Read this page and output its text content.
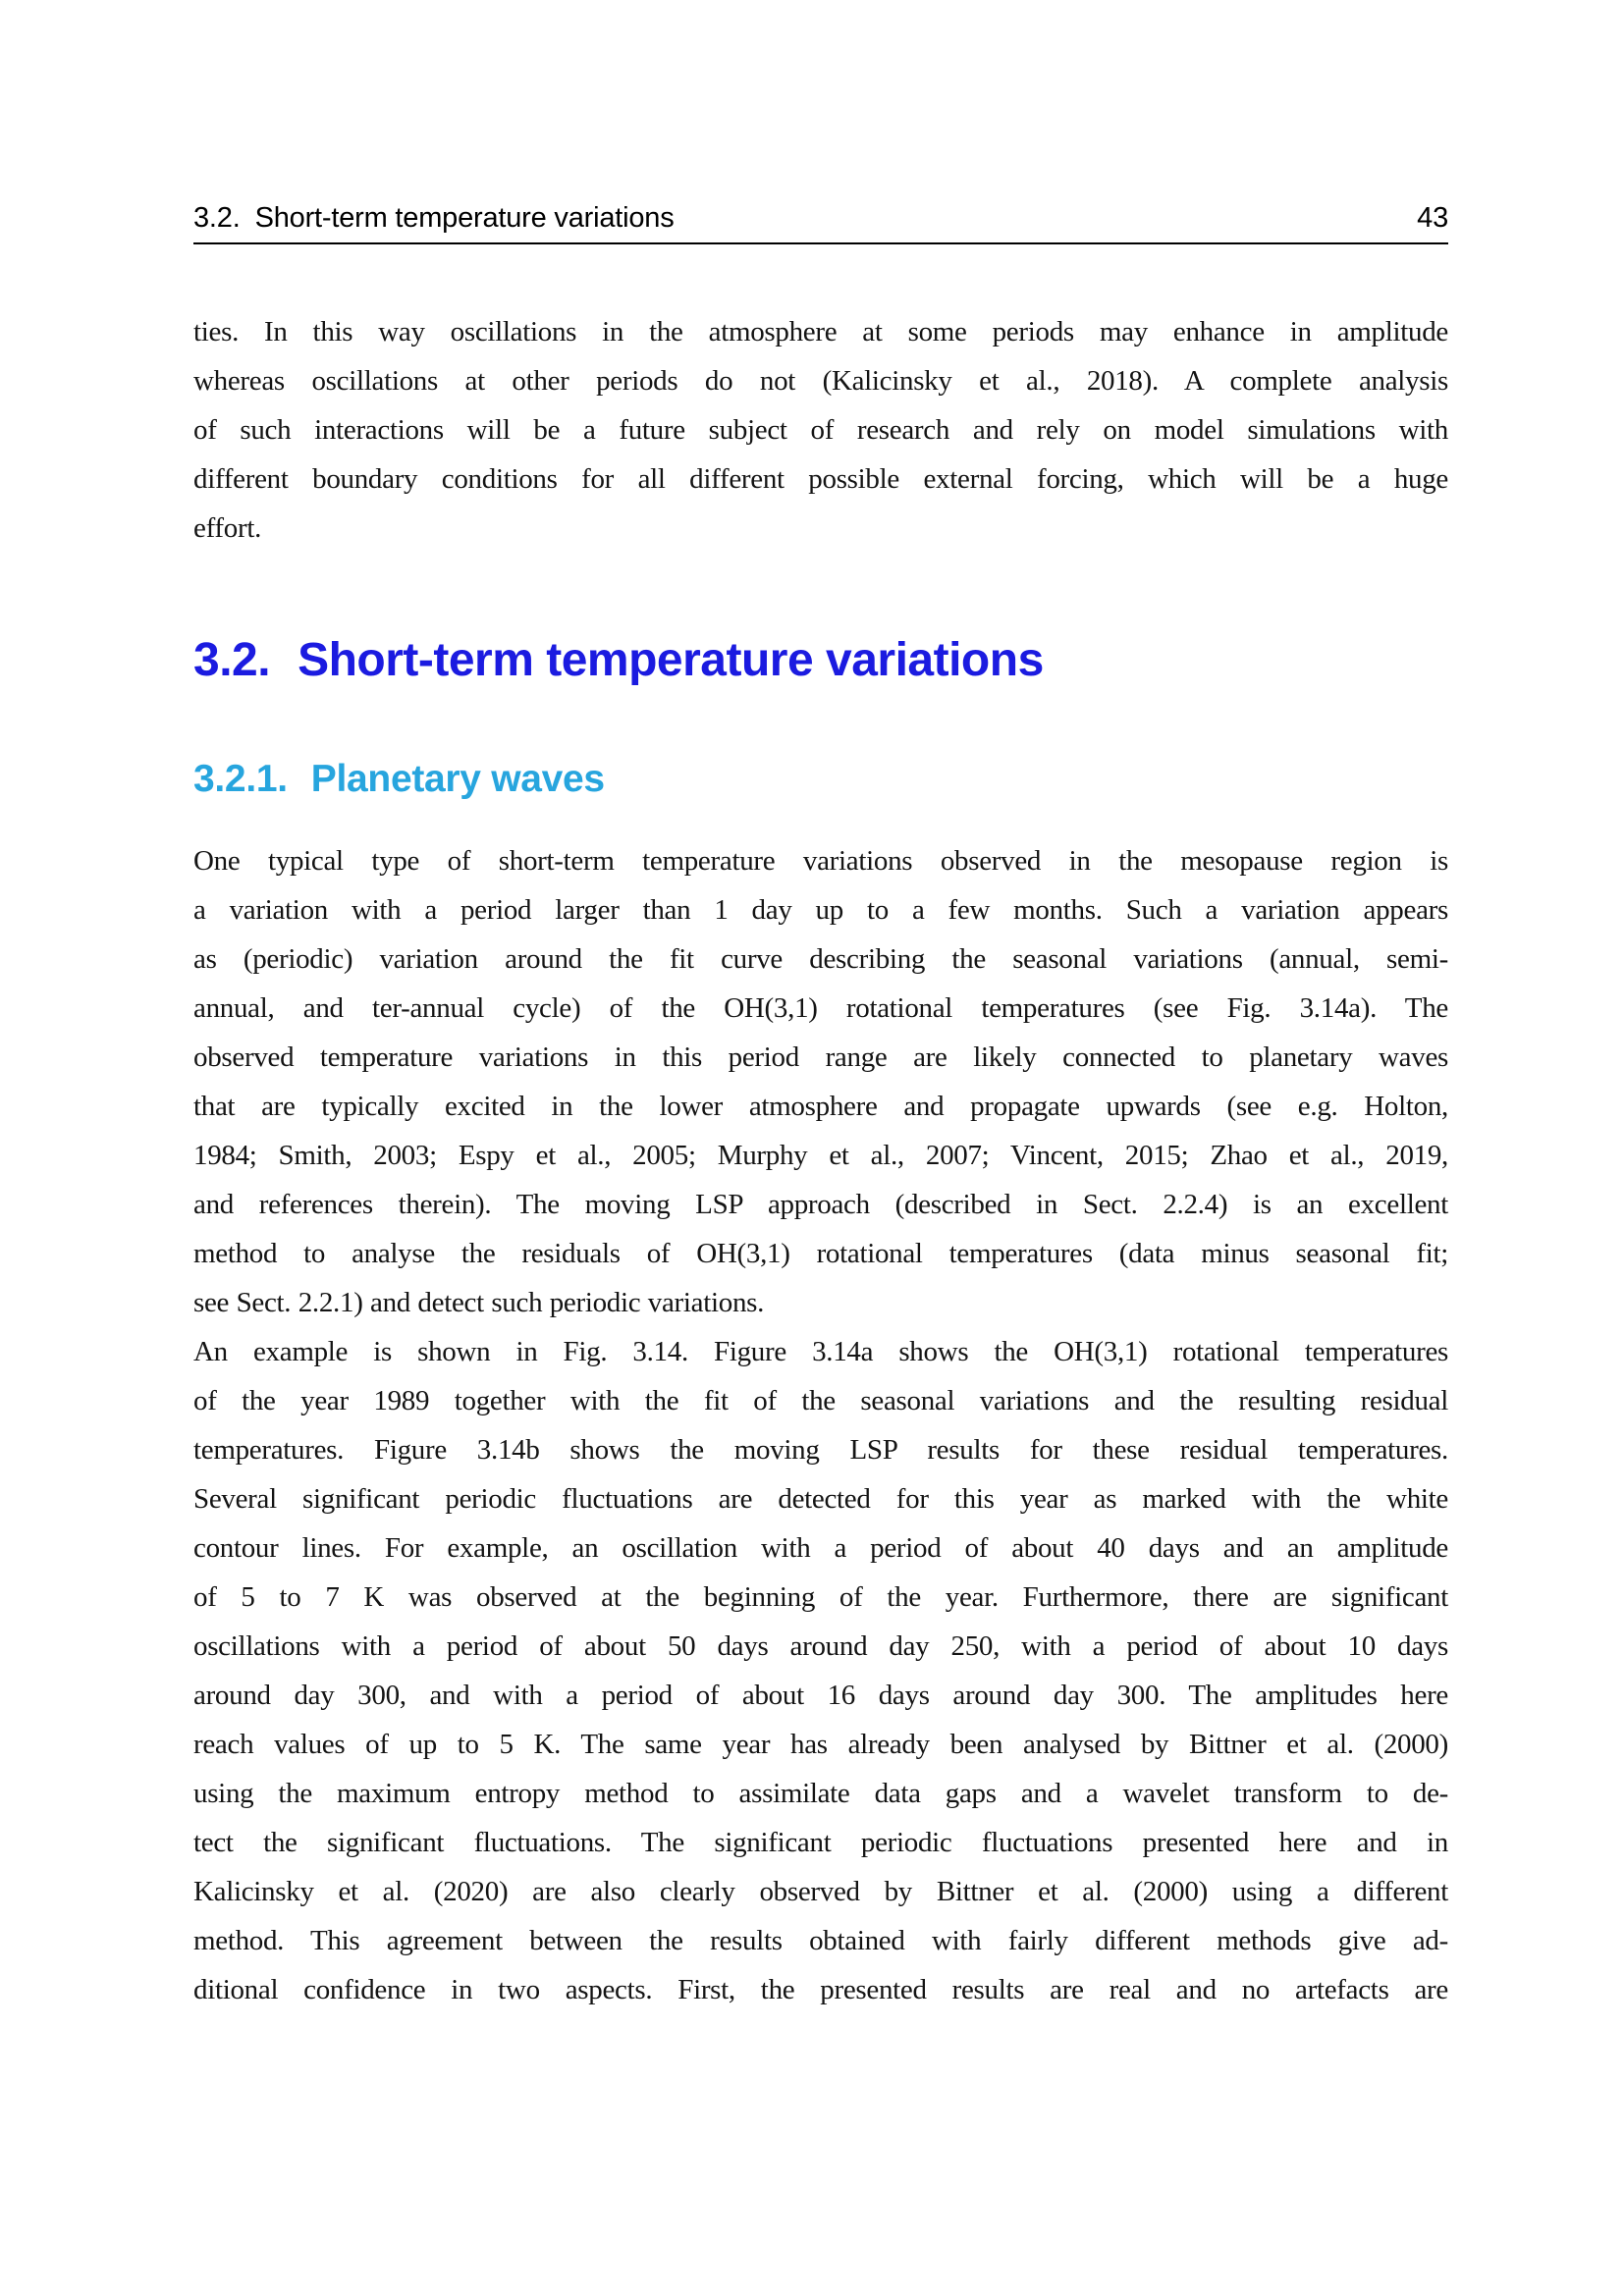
3.2. Short-term temperature variations	43
ties. In this way oscillations in the atmosphere at some periods may enhance in amplitude
whereas oscillations at other periods do not (Kalicinsky et al., 2018). A complete analysis
of such interactions will be a future subject of research and rely on model simulations with
different boundary conditions for all different possible external forcing, which will be a huge
effort.
3.2. Short-term temperature variations
3.2.1. Planetary waves
One typical type of short-term temperature variations observed in the mesopause region is
a variation with a period larger than 1 day up to a few months. Such a variation appears
as (periodic) variation around the fit curve describing the seasonal variations (annual, semi-
annual, and ter-annual cycle) of the OH(3,1) rotational temperatures (see Fig. 3.14a). The
observed temperature variations in this period range are likely connected to planetary waves
that are typically excited in the lower atmosphere and propagate upwards (see e.g. Holton,
1984; Smith, 2003; Espy et al., 2005; Murphy et al., 2007; Vincent, 2015; Zhao et al., 2019,
and references therein). The moving LSP approach (described in Sect. 2.2.4) is an excellent
method to analyse the residuals of OH(3,1) rotational temperatures (data minus seasonal fit;
see Sect. 2.2.1) and detect such periodic variations.
An example is shown in Fig. 3.14. Figure 3.14a shows the OH(3,1) rotational temperatures
of the year 1989 together with the fit of the seasonal variations and the resulting residual
temperatures. Figure 3.14b shows the moving LSP results for these residual temperatures.
Several significant periodic fluctuations are detected for this year as marked with the white
contour lines. For example, an oscillation with a period of about 40 days and an amplitude
of 5 to 7 K was observed at the beginning of the year. Furthermore, there are significant
oscillations with a period of about 50 days around day 250, with a period of about 10 days
around day 300, and with a period of about 16 days around day 300. The amplitudes here
reach values of up to 5 K. The same year has already been analysed by Bittner et al. (2000)
using the maximum entropy method to assimilate data gaps and a wavelet transform to de-
tect the significant fluctuations. The significant periodic fluctuations presented here and in
Kalicinsky et al. (2020) are also clearly observed by Bittner et al. (2000) using a different
method. This agreement between the results obtained with fairly different methods give ad-
ditional confidence in two aspects. First, the presented results are real and no artefacts are
